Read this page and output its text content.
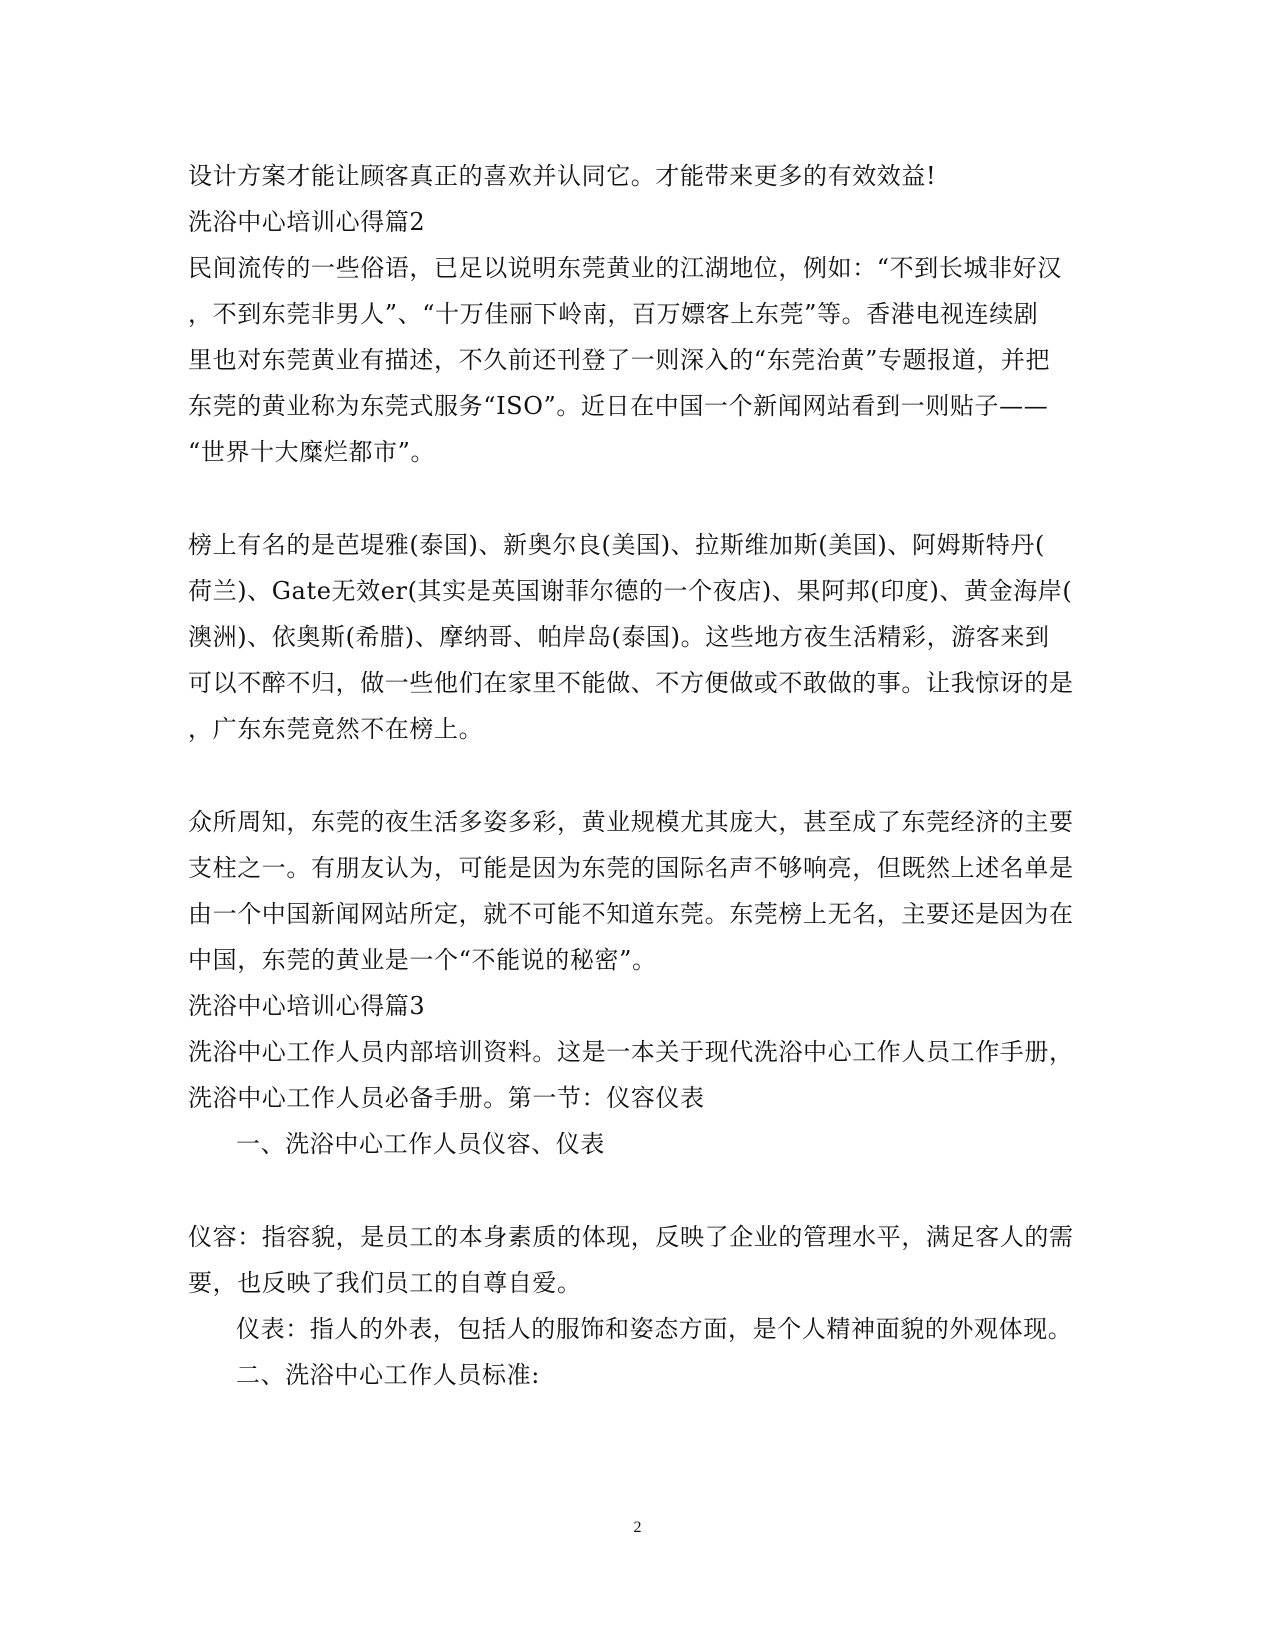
设计方案才能让顾客真正的喜欢并认同它。才能带来更多的有效效益!
洗浴中心培训心得篇2
民间流传的一些俗语，已足以说明东莞黄业的江湖地位，例如：“不到长城非好汉
，不到东莞非男人”、“十万佳丽下岭南，百万嫖客上东莞”等。香港电视连续剧
里也对东莞黄业有描述，不久前还刊登了一则深入的“东莞治黄”专题报道，并把
东莞的黄业称为东莞式服务“ISO”。近日在中国一个新闻网站看到一则贴子——
“世界十大糜烂都市”。
榜上有名的是芭堤雅(泰国)、新奥尔良(美国)、拉斯维加斯(美国)、阿姆斯特丹(
荷兰)、Gate无效er(其实是英国谢菲尔德的一个夜店)、果阿邦(印度)、黄金海岸(
澳洲)、依奥斯(希腊)、摩纳哥、帕岸岛(泰国)。这些地方夜生活精彩，游客来到
可以不醉不归，做一些他们在家里不能做、不方便做或不敢做的事。让我惊讶的是
，广东东莞竟然不在榜上。
众所周知，东莞的夜生活多姿多彩，黄业规模尤其庞大，甚至成了东莞经济的主要
支柱之一。有朋友认为，可能是因为东莞的国际名声不够响亮，但既然上述名单是
由一个中国新闻网站所定，就不可能不知道东莞。东莞榜上无名，主要还是因为在
中国，东莞的黄业是一个“不能说的秘密”。
洗浴中心培训心得篇3
洗浴中心工作人员内部培训资料。这是一本关于现代洗浴中心工作人员工作手册，
洗浴中心工作人员必备手册。第一节：仪容仪表
一、洗浴中心工作人员仪容、仪表
仪容：指容貌，是员工的本身素质的体现，反映了企业的管理水平，满足客人的需
要，也反映了我们员工的自尊自爱。
仪表：指人的外表，包括人的服饰和姿态方面，是个人精神面貌的外观体现。
二、洗浴中心工作人员标准:
2
